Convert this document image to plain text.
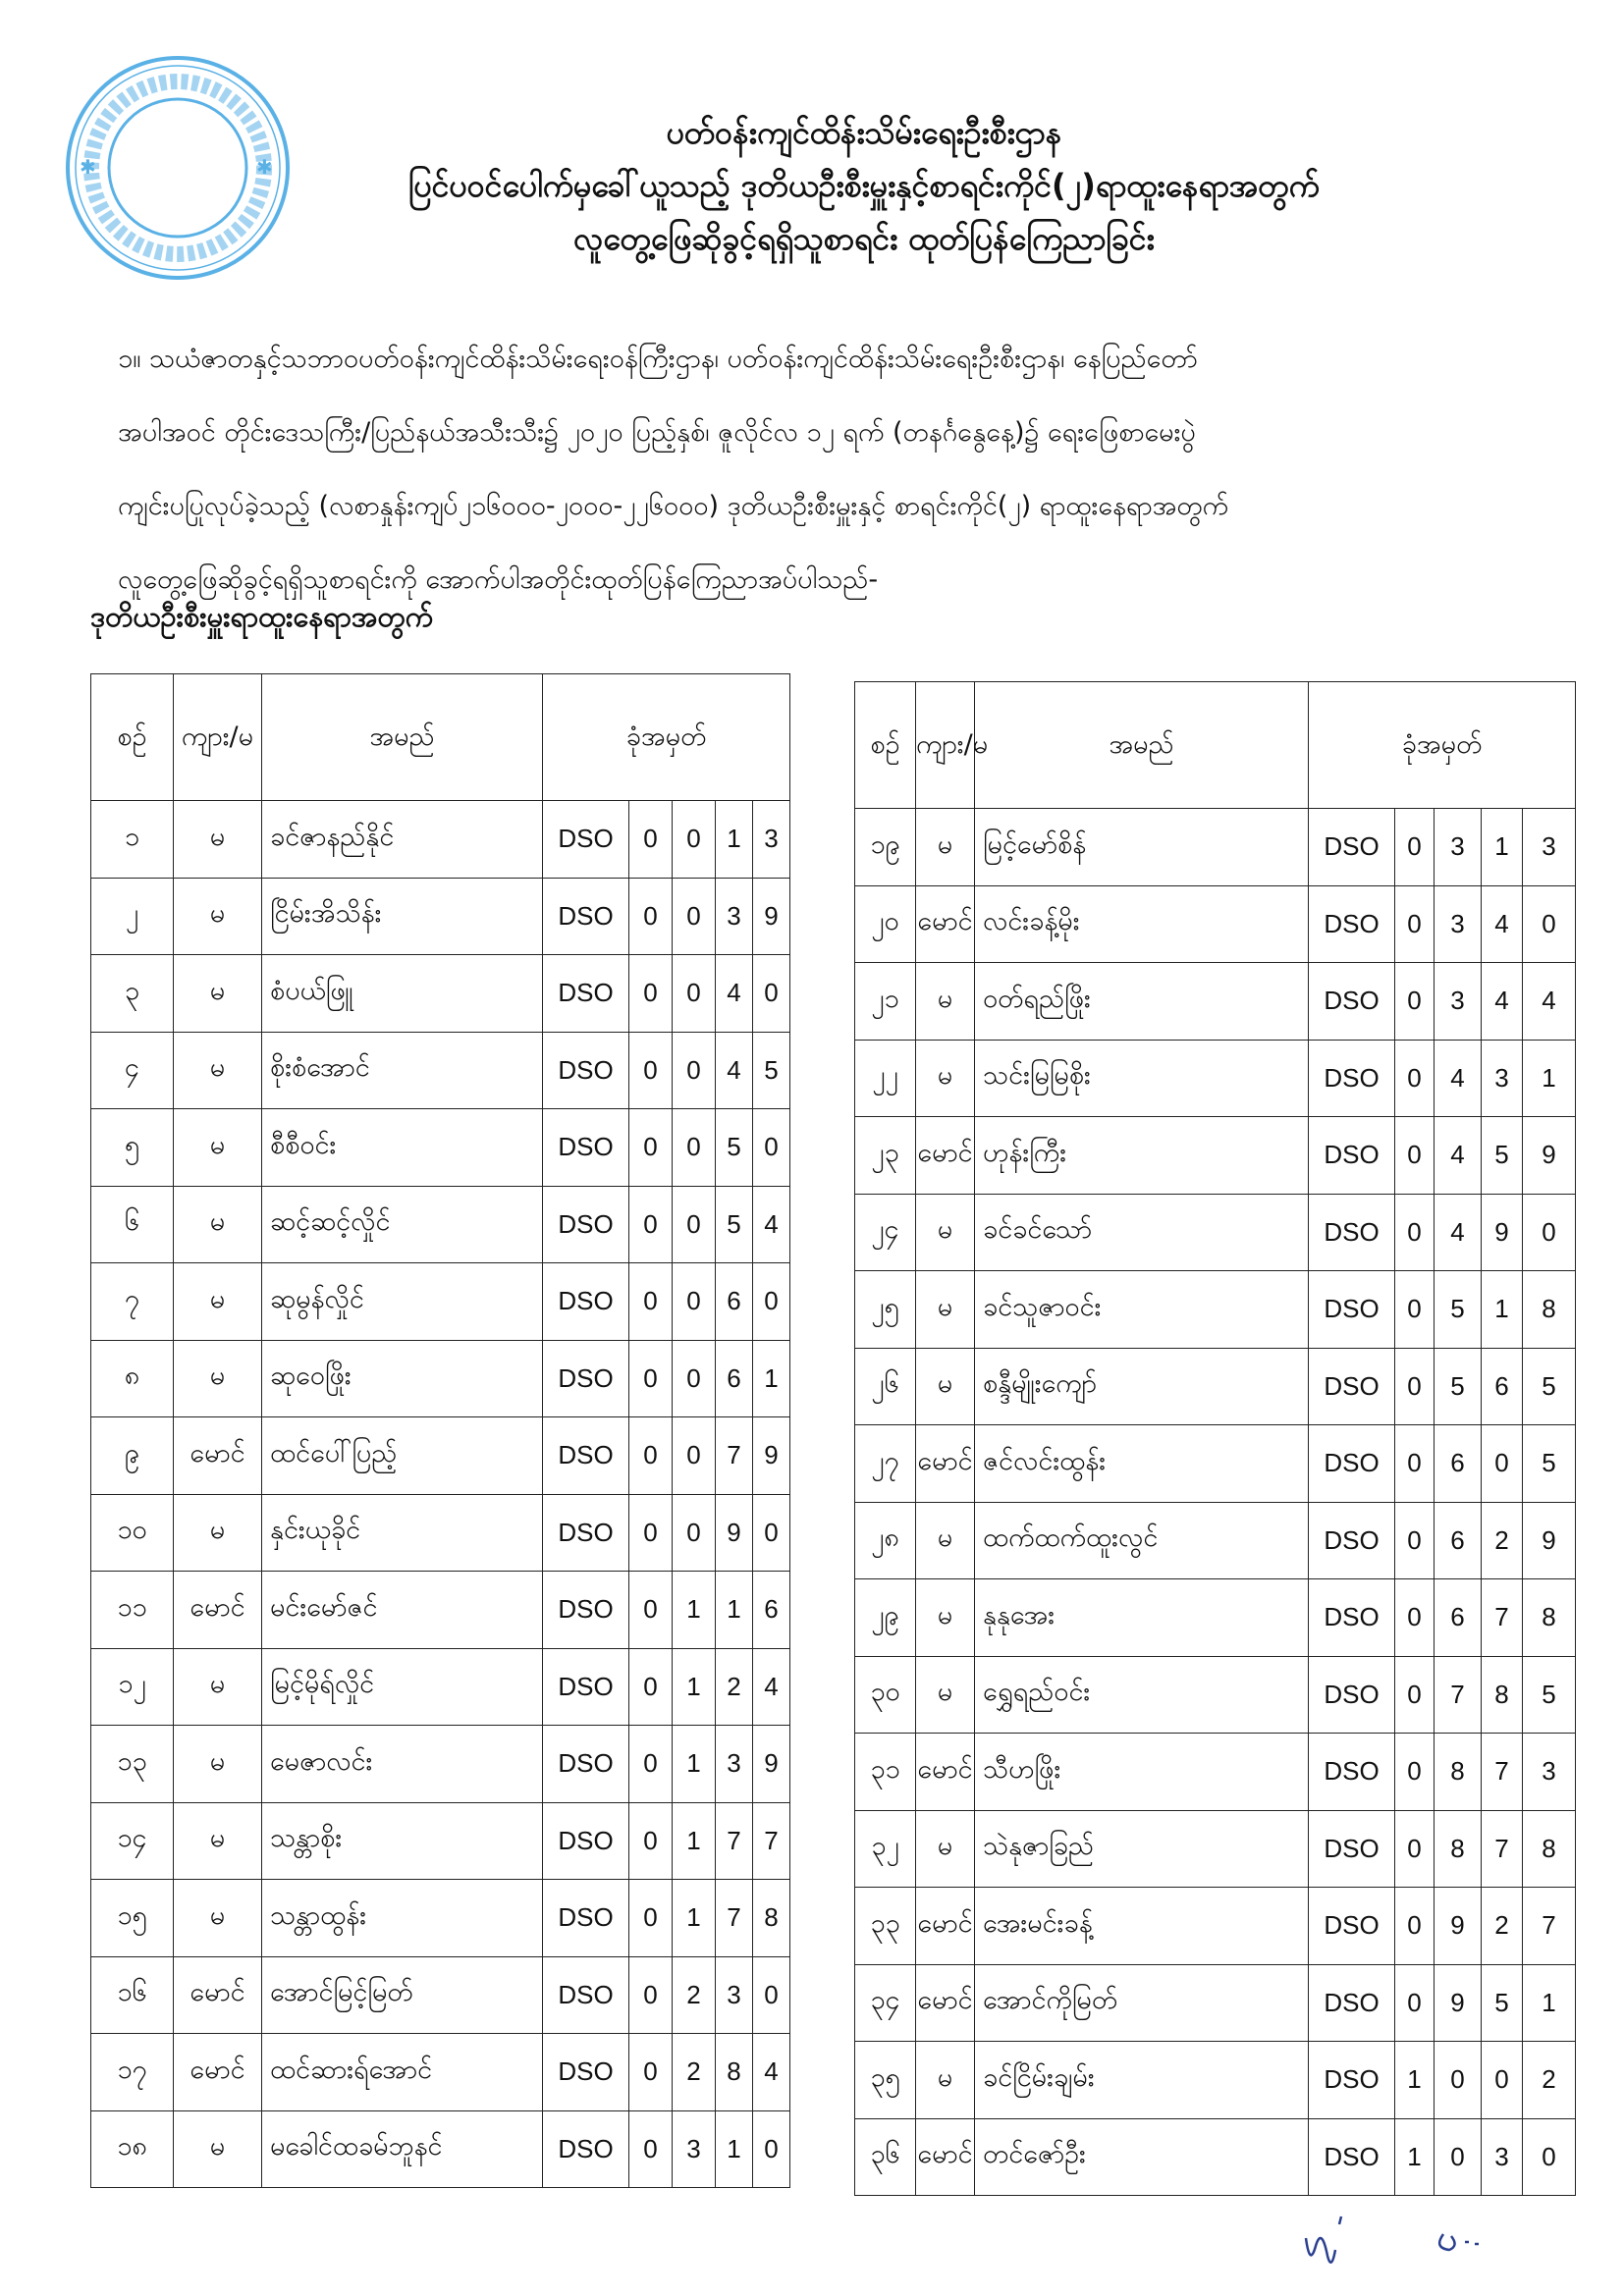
✱	✱
ပတ်ဝန်းကျင်ထိန်းသိမ်းရေးဦးစီးဌာန
ပြင်ပဝင်ပေါက်မှခေါ်ယူသည့် ဒုတိယဦးစီးမှူးနှင့်စာရင်းကိုင်(၂)ရာထူးနေရာအတွက်
လူတွေ့ဖြေဆိုခွင့်ရရှိသူစာရင်း ထုတ်ပြန်ကြေညာခြင်း
၁။ သယံဇာတနှင့်သဘာဝပတ်ဝန်းကျင်ထိန်းသိမ်းရေးဝန်ကြီးဌာန၊ ပတ်ဝန်းကျင်ထိန်းသိမ်းရေးဦးစီးဌာန၊ နေပြည်တော်
အပါအဝင် တိုင်းဒေသကြီး/ပြည်နယ်အသီးသီး၌ ၂၀၂၀ ပြည့်နှစ်၊ ဇူလိုင်လ ၁၂ ရက် (တနင်္ဂနွေနေ့)၌ ရေးဖြေစာမေးပွဲ
ကျင်းပပြုလုပ်ခဲ့သည့် (လစာနှုန်းကျပ်၂၁၆၀၀၀-၂၀၀၀-၂၂၆၀၀၀) ဒုတိယဦးစီးမှူးနှင့် စာရင်းကိုင်(၂) ရာထူးနေရာအတွက်
လူတွေ့ဖြေဆိုခွင့်ရရှိသူစာရင်းကို အောက်ပါအတိုင်းထုတ်ပြန်ကြေညာအပ်ပါသည်-
ဒုတိယဦးစီးမှူးရာထူးနေရာအတွက်
စဉ်	ကျား/မ	အမည်	ခုံအမှတ်				
၁	မ	ခင်ဇာနည်နိုင်	DSO	0	0	1	3
၂	မ	ငြိမ်းအိသိန်း	DSO	0	0	3	9
၃	မ	စံပယ်ဖြူ	DSO	0	0	4	0
၄	မ	စိုးစံအောင်	DSO	0	0	4	5
၅	မ	စီစီဝင်း	DSO	0	0	5	0
၆	မ	ဆင့်ဆင့်လှိုင်	DSO	0	0	5	4
၇	မ	ဆုမွန်လှိုင်	DSO	0	0	6	0
၈	မ	ဆုဝေဖြိုး	DSO	0	0	6	1
၉	မောင်	ထင်ပေါ်ပြည့်	DSO	0	0	7	9
၁၀	မ	နှင်းယုခိုင်	DSO	0	0	9	0
၁၁	မောင်	မင်းမော်ဇင်	DSO	0	1	1	6
၁၂	မ	မြင့်မိုရ်လှိုင်	DSO	0	1	2	4
၁၃	မ	မေဇာလင်း	DSO	0	1	3	9
၁၄	မ	သန္တာစိုး	DSO	0	1	7	7
၁၅	မ	သန္တာထွန်း	DSO	0	1	7	8
၁၆	မောင်	အောင်မြင့်မြတ်	DSO	0	2	3	0
၁၇	မောင်	ထင်ဆားရ်အောင်	DSO	0	2	8	4
၁၈	မ	မခေါင်ထခမ်ဘူနင်	DSO	0	3	1	0
စဉ်	ကျား/မ	အမည်	ခုံအမှတ်				
၁၉	မ	မြင့်မော်စိန်	DSO	0	3	1	3
၂၀	မောင်	လင်းခန့်မိုး	DSO	0	3	4	0
၂၁	မ	ဝတ်ရည်ဖြိုး	DSO	0	3	4	4
၂၂	မ	သင်းမြမြစိုး	DSO	0	4	3	1
၂၃	မောင်	ဟုန်းကြီး	DSO	0	4	5	9
၂၄	မ	ခင်ခင်သော်	DSO	0	4	9	0
၂၅	မ	ခင်သူဇာဝင်း	DSO	0	5	1	8
၂၆	မ	စန္ဒီမျိုးကျော်	DSO	0	5	6	5
၂၇	မောင်	ဇင်လင်းထွန်း	DSO	0	6	0	5
၂၈	မ	ထက်ထက်ထူးလွင်	DSO	0	6	2	9
၂၉	မ	နုနုအေး	DSO	0	6	7	8
၃၀	မ	ရွှေရည်ဝင်း	DSO	0	7	8	5
၃၁	မောင်	သီဟဖြိုး	DSO	0	8	7	3
၃၂	မ	သဲနုဇာခြည်	DSO	0	8	7	8
၃၃	မောင်	အေးမင်းခန့်	DSO	0	9	2	7
၃၄	မောင်	အောင်ကိုမြတ်	DSO	0	9	5	1
၃၅	မ	ခင်ငြိမ်းချမ်း	DSO	1	0	0	2
၃၆	မောင်	တင်ဇော်ဦး	DSO	1	0	3	0
